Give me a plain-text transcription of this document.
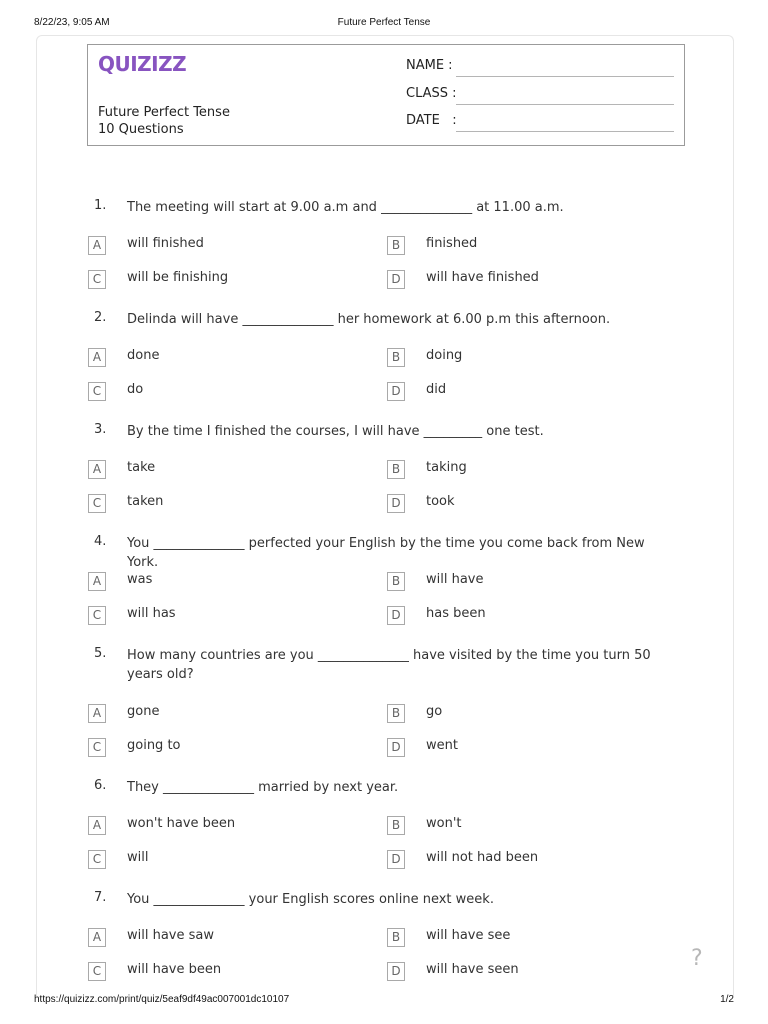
8/22/23, 9:05 AM	Future Perfect Tense
QUIZIZZ
Future Perfect Tense
10 Questions
NAME :
CLASS :
DATE   :
1. The meeting will start at 9.00 a.m and ______________ at 11.00 a.m.
A	will finished	B	finished
C	will be finishing	D	will have finished
2. Delinda will have ______________ her homework at 6.00 p.m this afternoon.
A	done	B	doing
C	do	D	did
3. By the time I finished the courses, I will have _________ one test.
A	take	B	taking
C	taken	D	took
4. You ______________ perfected your English by the time you come back from New York.
A	was	B	will have
C	will has	D	has been
5. How many countries are you ______________ have visited by the time you turn 50 years old?
A	gone	B	go
C	going to	D	went
6. They ______________ married by next year.
A	won't have been	B	won't
C	will	D	will not had been
7. You ______________ your English scores online next week.
A	will have saw	B	will have see
C	will have been	D	will have seen	?
https://quizizz.com/print/quiz/5eaf9df49ac007001dc10107	1/2
